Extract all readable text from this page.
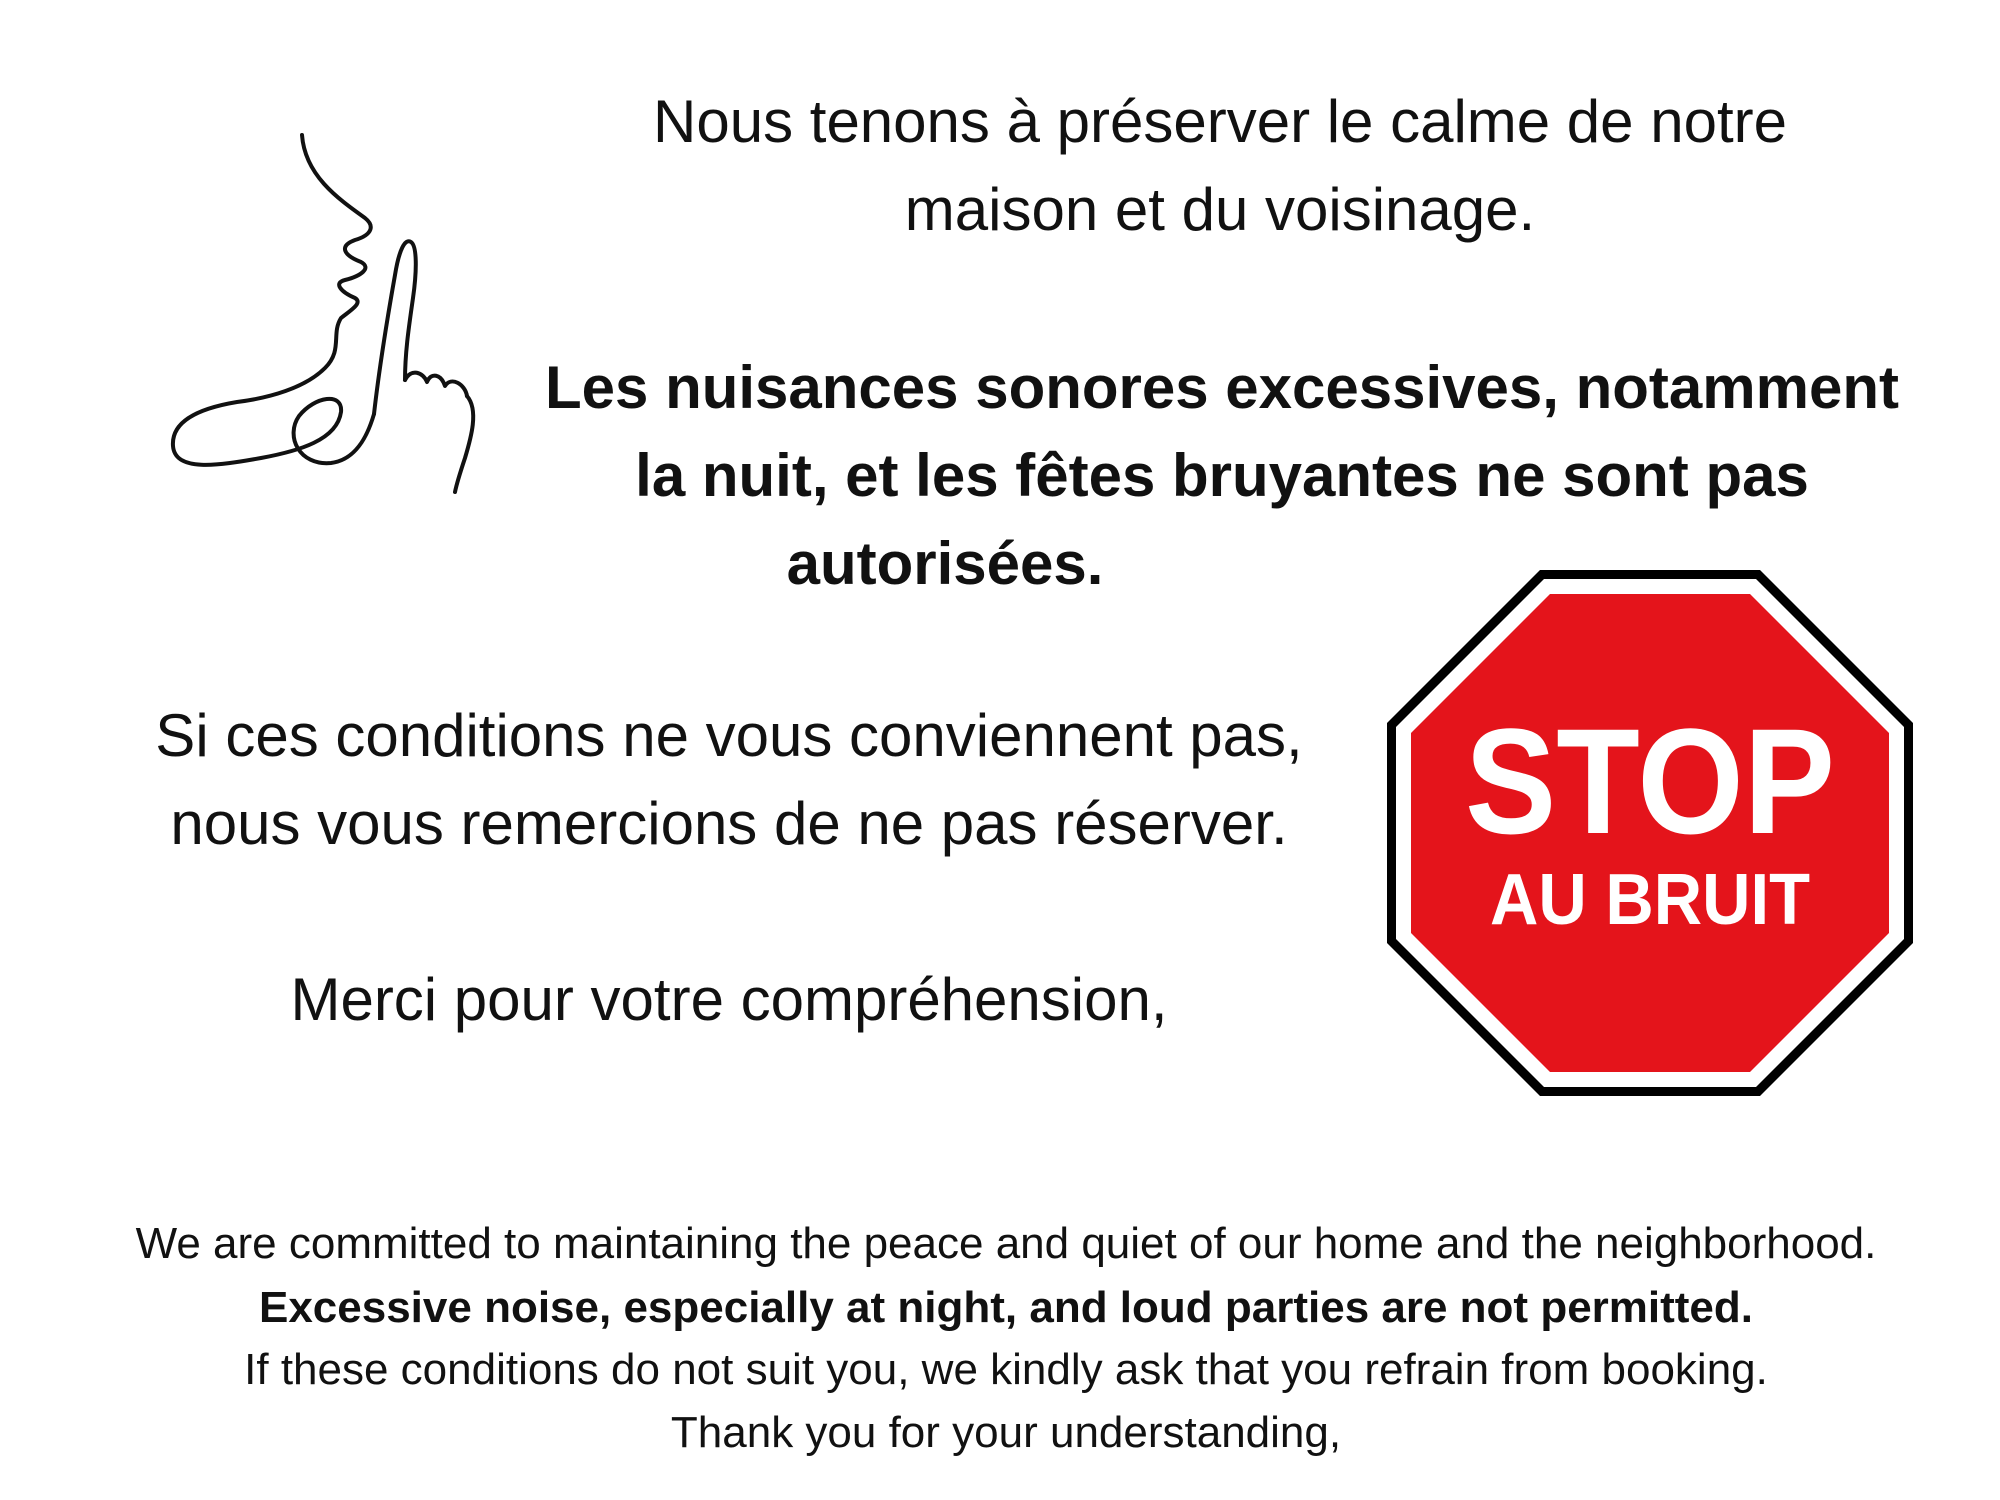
Nous tenons à préserver le calme de notre
maison et du voisinage.
Les nuisances sonores excessives, notamment
la nuit, et les fêtes bruyantes ne sont pas
autorisées.
Si ces conditions ne vous conviennent pas,
nous vous remercions de ne pas réserver.
Merci pour votre compréhension,
STOP
AU BRUIT
We are committed to maintaining the peace and quiet of our home and the neighborhood.
Excessive noise, especially at night, and loud parties are not permitted.
If these conditions do not suit you, we kindly ask that you refrain from booking.
Thank you for your understanding,
